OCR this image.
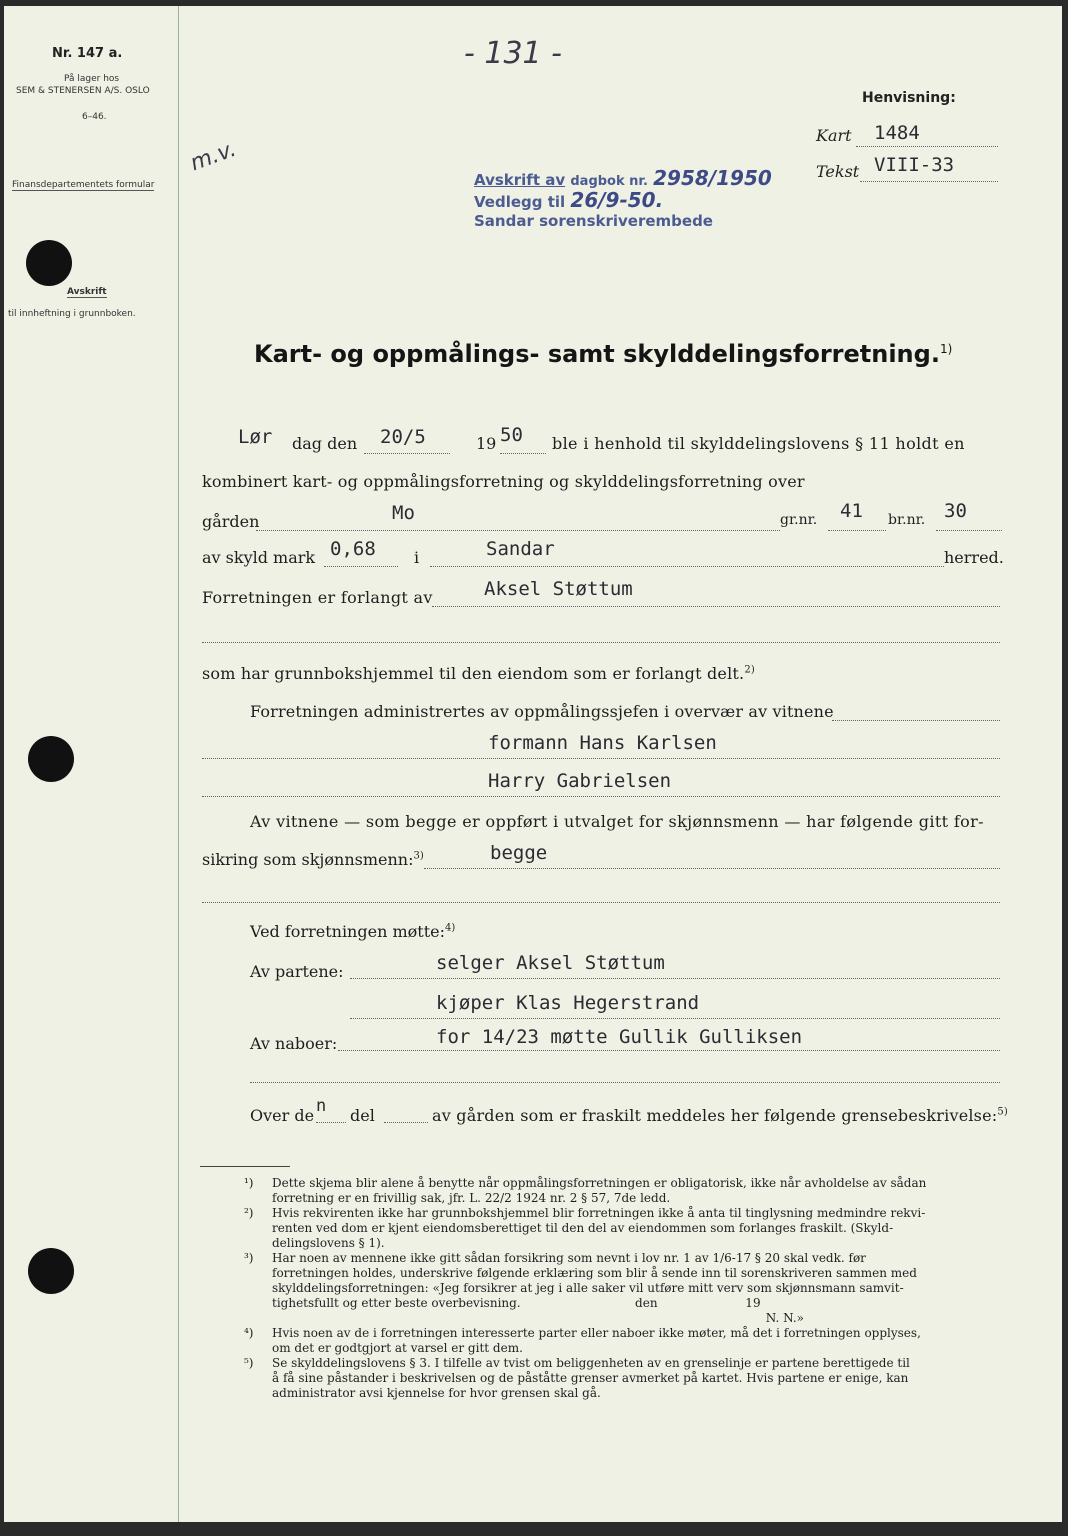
Nr. 147 a.
På lager hos
SEM & STENERSEN A/S. OSLO
6–46.
m.v.
Finansdepartementets formular
Avskrift
til innheftning i grunnboken.
- 131 -
Henvisning:
Kart 1484
Tekst VIII-33
Avskrift av dagbok nr. 2958/1950
Vedlegg til 26/9-50.
Sandar sorenskriverembede
Kart- og oppmålings- samt skylddelingsforretning.$^{1)}$
Lør dag den 20/5	19 50 ble i henhold til skylddelingslovens § 11 holdt en
kombinert kart- og oppmålingsforretning og skylddelingsforretning over
gården	Mo	gr.nr. 41 br.nr. 30
av skyld mark 0,68 i	Sandar	herred.
Forretningen er forlangt av	Aksel Støttum
som har grunnbokshjemmel til den eiendom som er forlangt delt.$^{2)}$
Forretningen administrertes av oppmålingssjefen i overvær av vitnene
formann Hans Karlsen
Harry Gabrielsen
Av vitnene — som begge er oppført i utvalget for skjønnsmenn — har følgende gitt for-
sikring som skjønnsmenn:$^{3)}$	begge
Ved forretningen møtte:$^{4)}$
Av partene:	selger Aksel Støttum
kjøper Klas Hegerstrand
Av naboer:	for 14/23 møtte Gullik Gulliksen
Over de n del	av gården som er fraskilt meddeles her følgende grensebeskrivelse:$^{5)}$
¹) Dette skjema blir alene å benytte når oppmålingsforretningen er obligatorisk, ikke når avholdelse av sådan
forretning er en frivillig sak, jfr. L. 22/2 1924 nr. 2 § 57, 7de ledd.
²) Hvis rekvirenten ikke har grunnbokshjemmel blir forretningen ikke å anta til tinglysning medmindre rekvi-
renten ved dom er kjent eiendomsberettiget til den del av eiendommen som forlanges fraskilt. (Skyld-
delingslovens § 1).
³) Har noen av mennene ikke gitt sådan forsikring som nevnt i lov nr. 1 av 1/6-17 § 20 skal vedk. før
forretningen holdes, underskrive følgende erklæring som blir å sende inn til sorenskriveren sammen med
skylddelingsforretningen: «Jeg forsikrer at jeg i alle saker vil utføre mitt verv som skjønnsmann samvit-
tighetsfullt og etter beste overbevisning.                              den                       19
N. N.»
⁴) Hvis noen av de i forretningen interesserte parter eller naboer ikke møter, må det i forretningen opplyses,
om det er godtgjort at varsel er gitt dem.
⁵) Se skylddelingslovens § 3. I tilfelle av tvist om beliggenheten av en grenselinje er partene berettigede til
å få sine påstander i beskrivelsen og de påståtte grenser avmerket på kartet. Hvis partene er enige, kan
administrator avsi kjennelse for hvor grensen skal gå.
